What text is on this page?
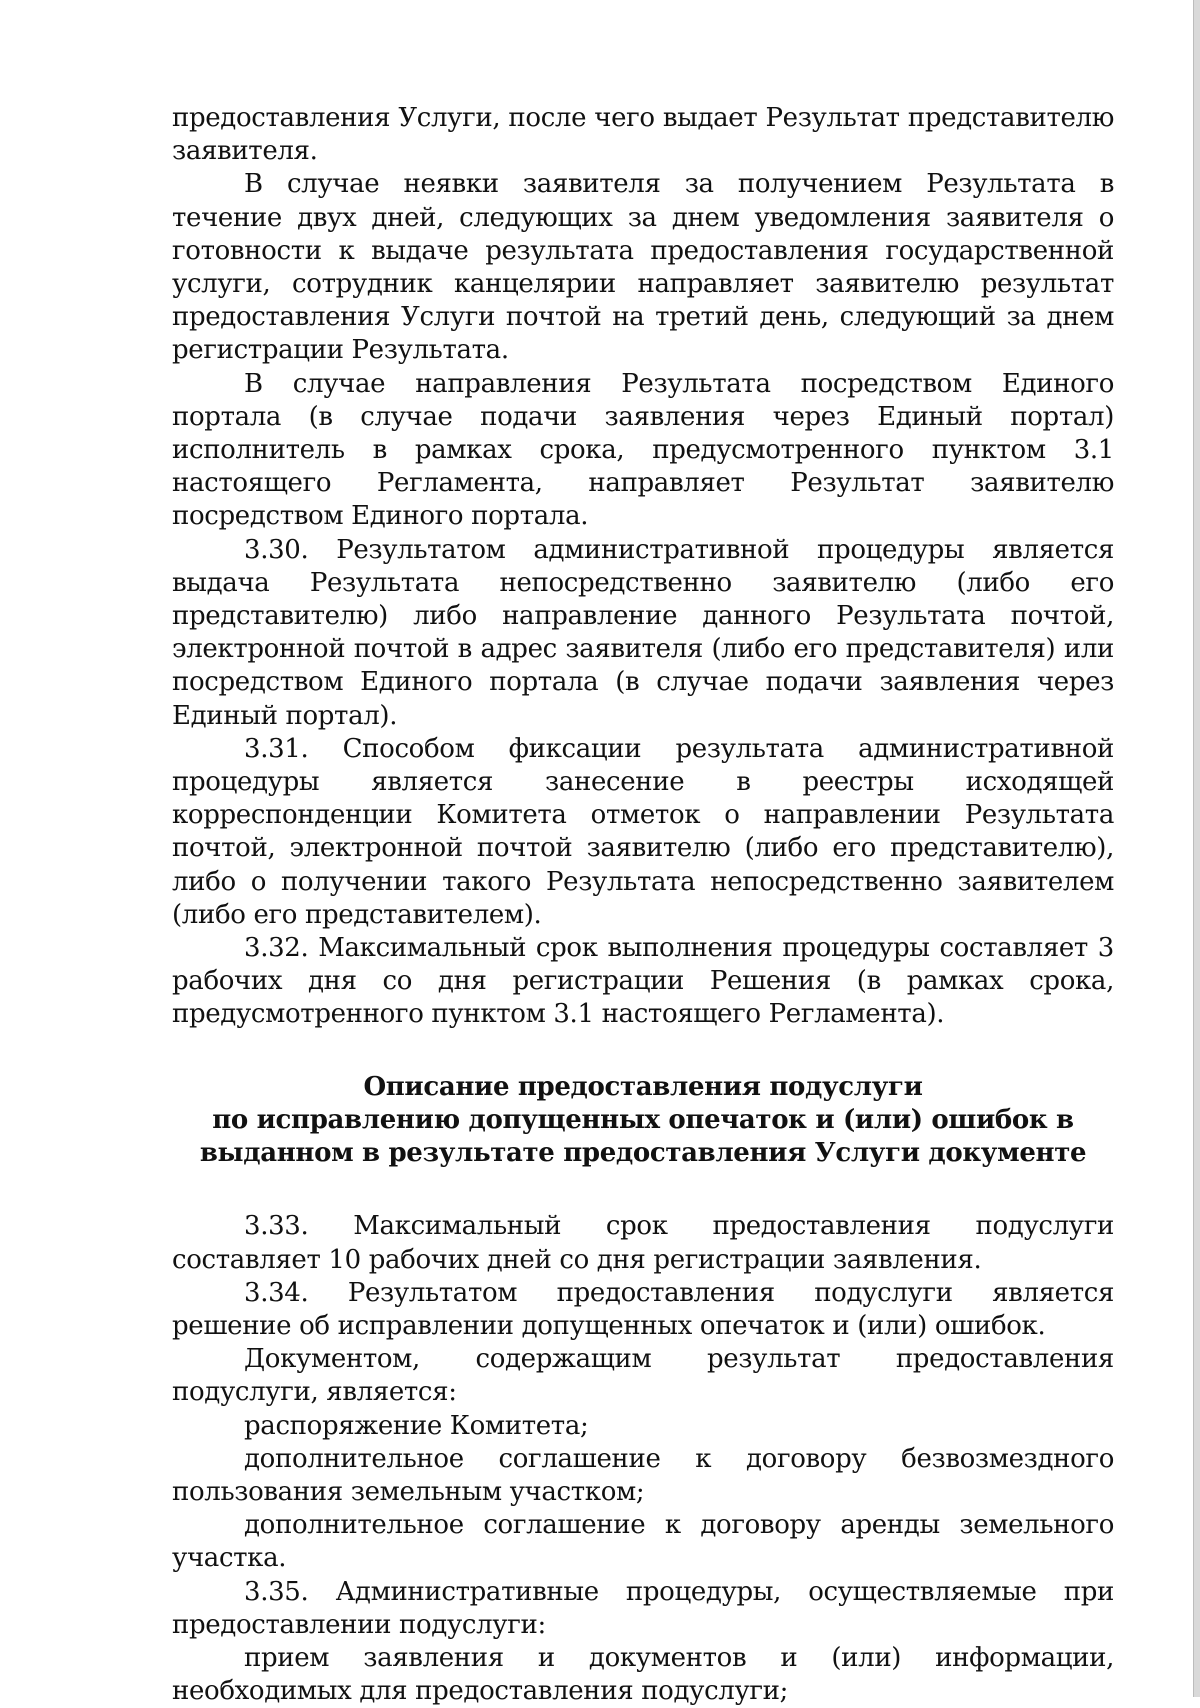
предоставления Услуги, после чего выдает Результат представителю заявителя.

В случае неявки заявителя за получением Результата в течение двух дней, следующих за днем уведомления заявителя о готовности к выдаче результата предоставления государственной услуги, сотрудник канцелярии направляет заявителю результат предоставления Услуги почтой на третий день, следующий за днем регистрации Результата.

В случае направления Результата посредством Единого портала (в случае подачи заявления через Единый портал) исполнитель в рамках срока, предусмотренного пунктом 3.1 настоящего Регламента, направляет Результат заявителю посредством Единого портала.

3.30. Результатом административной процедуры является выдача Результата непосредственно заявителю (либо его представителю) либо направление данного Результата почтой, электронной почтой в адрес заявителя (либо его представителя) или посредством Единого портала (в случае подачи заявления через Единый портал).

3.31. Способом фиксации результата административной процедуры является занесение в реестры исходящей корреспонденции Комитета отметок о направлении Результата почтой, электронной почтой заявителю (либо его представителю), либо о получении такого Результата непосредственно заявителем (либо его представителем).

3.32. Максимальный срок выполнения процедуры составляет 3 рабочих дня со дня регистрации Решения (в рамках срока, предусмотренного пунктом 3.1 настоящего Регламента).

Описание предоставления подуслуги
по исправлению допущенных опечаток и (или) ошибок в
выданном в результате предоставления Услуги документе

3.33. Максимальный срок предоставления подуслуги составляет 10 рабочих дней со дня регистрации заявления.

3.34. Результатом предоставления подуслуги является решение об исправлении допущенных опечаток и (или) ошибок.

Документом, содержащим результат предоставления подуслуги, является:

распоряжение Комитета;

дополнительное соглашение к договору безвозмездного пользования земельным участком;

дополнительное соглашение к договору аренды земельного участка.

3.35. Административные процедуры, осуществляемые при предоставлении подуслуги:

прием заявления и документов и (или) информации, необходимых для предоставления подуслуги;
